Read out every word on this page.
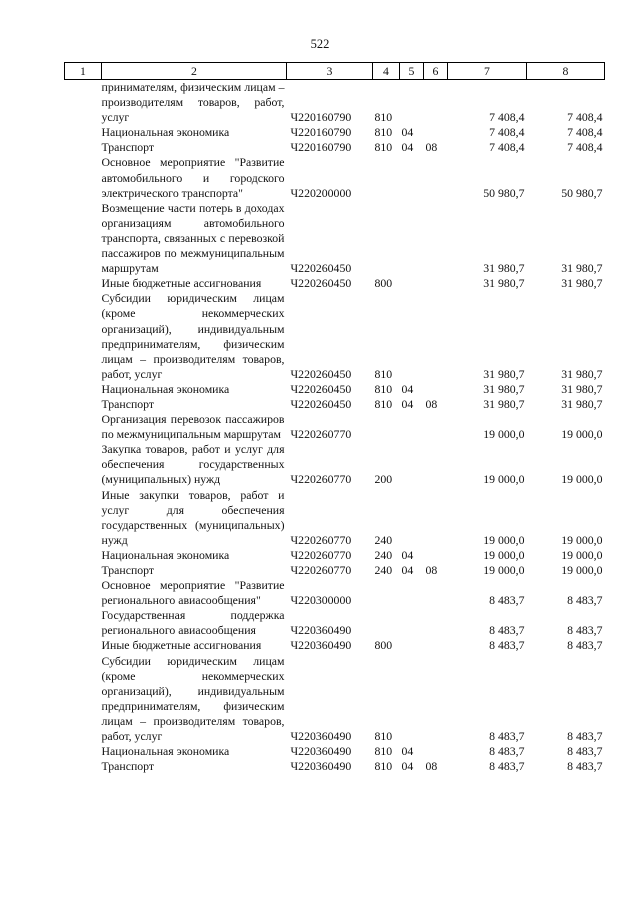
522
1	2	3	4	5	6	7	8
	принимателям, физическим лицам – производителям товаров, работ, услуг	Ч220160790	810			7 408,4	7 408,4
	Национальная экономика	Ч220160790	810	04		7 408,4	7 408,4
	Транспорт	Ч220160790	810	04	08	7 408,4	7 408,4
	Основное мероприятие "Развитие автомобильного и городского электрического транспорта"	Ч220200000				50 980,7	50 980,7
	Возмещение части потерь в доходах организациям автомобильного транспорта, связанных с перевозкой пассажиров по межмуниципальным маршрутам	Ч220260450				31 980,7	31 980,7
	Иные бюджетные ассигнования	Ч220260450	800			31 980,7	31 980,7
	Субсидии юридическим лицам (кроме некоммерческих организаций), индивидуальным предпринимателям, физическим лицам – производителям товаров, работ, услуг	Ч220260450	810			31 980,7	31 980,7
	Национальная экономика	Ч220260450	810	04		31 980,7	31 980,7
	Транспорт	Ч220260450	810	04	08	31 980,7	31 980,7
	Организация перевозок пассажиров по межмуниципальным маршрутам	Ч220260770				19 000,0	19 000,0
	Закупка товаров, работ и услуг для обеспечения государственных (муниципальных) нужд	Ч220260770	200			19 000,0	19 000,0
	Иные закупки товаров, работ и услуг для обеспечения государственных (муниципальных) нужд	Ч220260770	240			19 000,0	19 000,0
	Национальная экономика	Ч220260770	240	04		19 000,0	19 000,0
	Транспорт	Ч220260770	240	04	08	19 000,0	19 000,0
	Основное мероприятие "Развитие регионального авиасообщения"	Ч220300000				8 483,7	8 483,7
	Государственная поддержка регионального авиасообщения	Ч220360490				8 483,7	8 483,7
	Иные бюджетные ассигнования	Ч220360490	800			8 483,7	8 483,7
	Субсидии юридическим лицам (кроме некоммерческих организаций), индивидуальным предпринимателям, физическим лицам – производителям товаров, работ, услуг	Ч220360490	810			8 483,7	8 483,7
	Национальная экономика	Ч220360490	810	04		8 483,7	8 483,7
	Транспорт	Ч220360490	810	04	08	8 483,7	8 483,7
